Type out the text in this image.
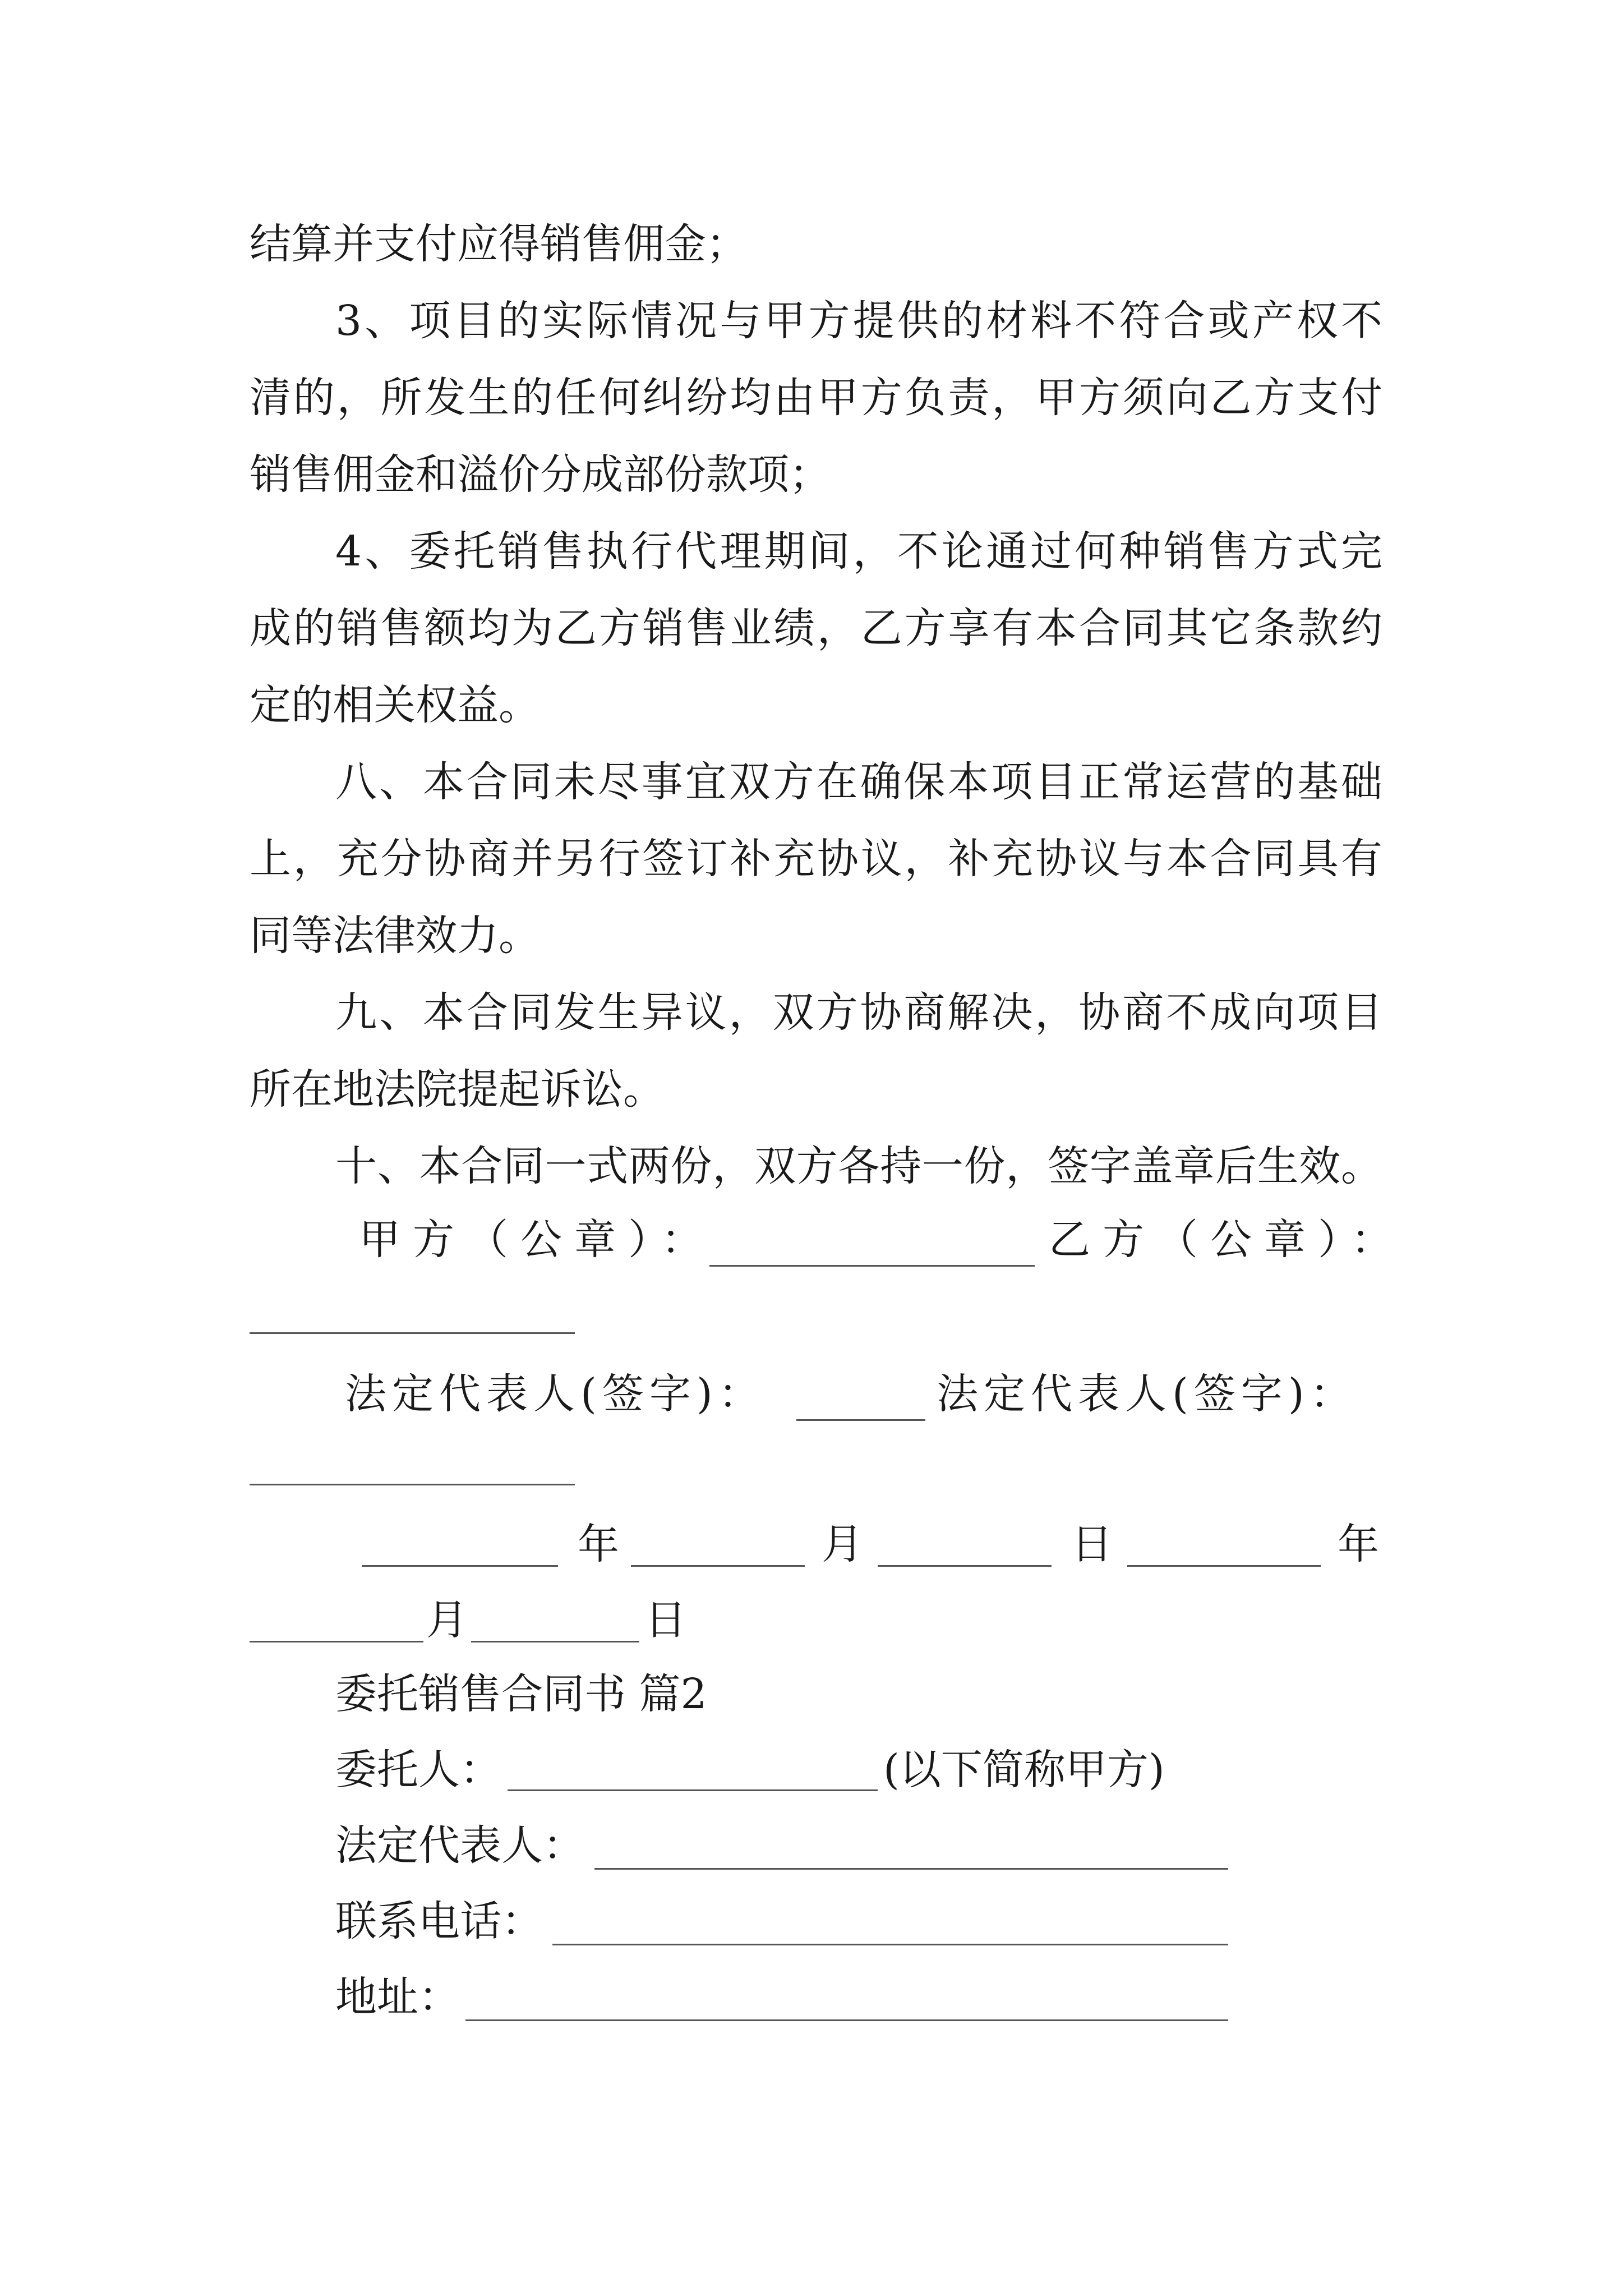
结算并支付应得销售佣金；
3、项目的实际情况与甲方提供的材料不符合或产权不
清的，所发生的任何纠纷均由甲方负责，甲方须向乙方支付
销售佣金和溢价分成部份款项；
4、委托销售执行代理期间，不论通过何种销售方式完
成的销售额均为乙方销售业绩，乙方享有本合同其它条款约
定的相关权益。
八、本合同未尽事宜双方在确保本项目正常运营的基础
上，充分协商并另行签订补充协议，补充协议与本合同具有
同等法律效力。
九、本合同发生异议，双方协商解决，协商不成向项目
所在地法院提起诉讼。
十、本合同一式两份，双方各持一份，签字盖章后生效。
甲方（公章）：	乙方（公章）：
法定代表人(签字)：	法定代表人(签字)：
年	月	日	年
月	日
委托销售合同书 篇2
委托人：	(以下简称甲方)
法定代表人：
联系电话：
地址：
